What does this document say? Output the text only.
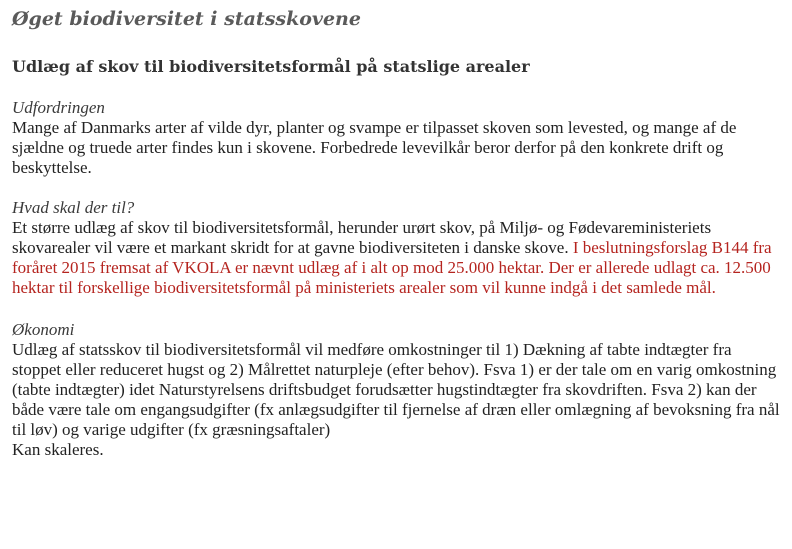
Øget biodiversitet i statsskovene
Udlæg af skov til biodiversitetsformål på statslige arealer

Udfordringen

Mange af Danmarks arter af vilde dyr, planter og svampe er tilpasset skoven som levested, og mange af de sjældne og truede arter findes kun i skovene. Forbedrede levevilkår beror derfor på den konkrete drift og beskyttelse.

Hvad skal der til?

Et større udlæg af skov til biodiversitetsformål, herunder urørt skov, på Miljø- og Fødevareministeriets skovarealer vil være et markant skridt for at gavne biodiversiteten i danske skove. I beslutningsforslag B144 fra foråret 2015 fremsat af VKOLA er nævnt udlæg af i alt op mod 25.000 hektar. Der er allerede udlagt ca. 12.500 hektar til forskellige biodiversitetsformål på ministeriets arealer som vil kunne indgå i det samlede mål.

Økonomi

Udlæg af statsskov til biodiversitetsformål vil medføre omkostninger til 1) Dækning af tabte indtægter fra stoppet eller reduceret hugst og 2) Målrettet naturpleje (efter behov). Fsva 1) er der tale om en varig omkostning (tabte indtægter) idet Naturstyrelsens driftsbudget forudsætter hugstindtægter fra skovdriften. Fsva 2) kan der både være tale om engangsudgifter (fx anlægsudgifter til fjernelse af dræn eller omlægning af bevoksning fra nål til løv) og varige udgifter (fx græsningsaftaler)

Kan skaleres.
